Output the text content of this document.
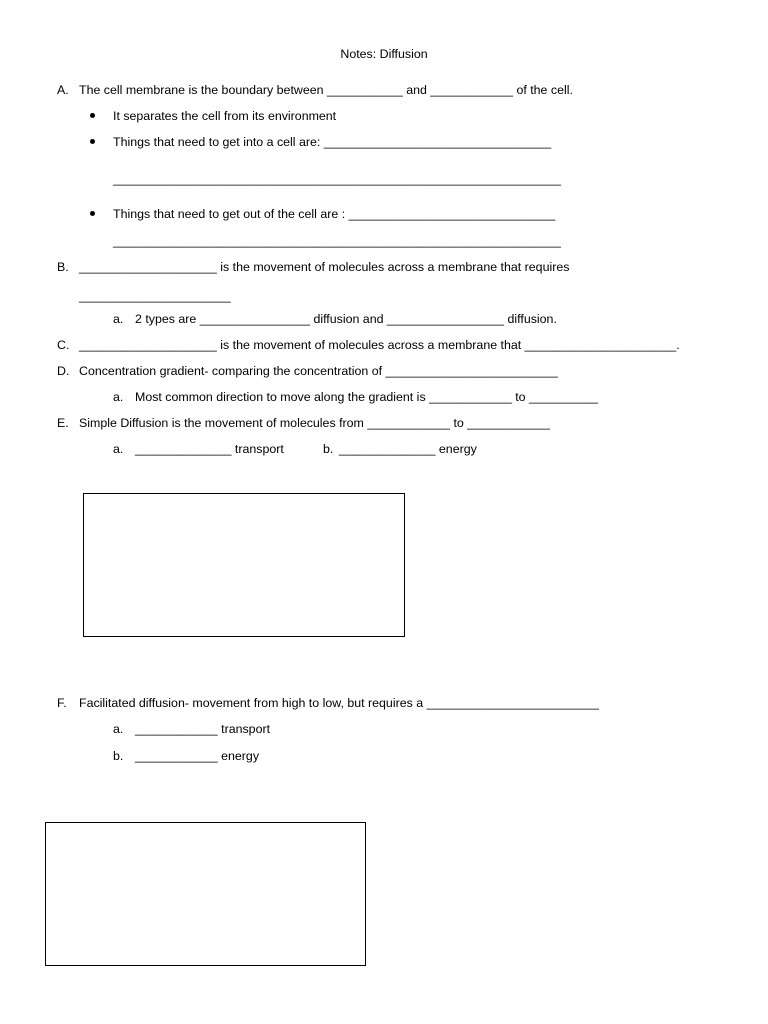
Notes: Diffusion
A. The cell membrane is the boundary between ___________ and ____________ of the cell.
It separates the cell from its environment
Things that need to get into a cell are: _________________________________
_________________________________________________________________
Things that need to get out of the cell are : ______________________________
_________________________________________________________________
B. ____________________ is the movement of molecules across a membrane that requires
______________________
a. 2 types are ________________ diffusion and _________________ diffusion.
C. ____________________ is the movement of molecules across a membrane that ______________________.
D. Concentration gradient- comparing the concentration of _________________________
a. Most common direction to move along the gradient is ____________ to __________
E. Simple Diffusion is the movement of molecules from ____________ to ____________
a. ______________ transport	b. ______________ energy
F. Facilitated diffusion- movement from high to low, but requires a _________________________
a. ____________ transport
b. ____________ energy
